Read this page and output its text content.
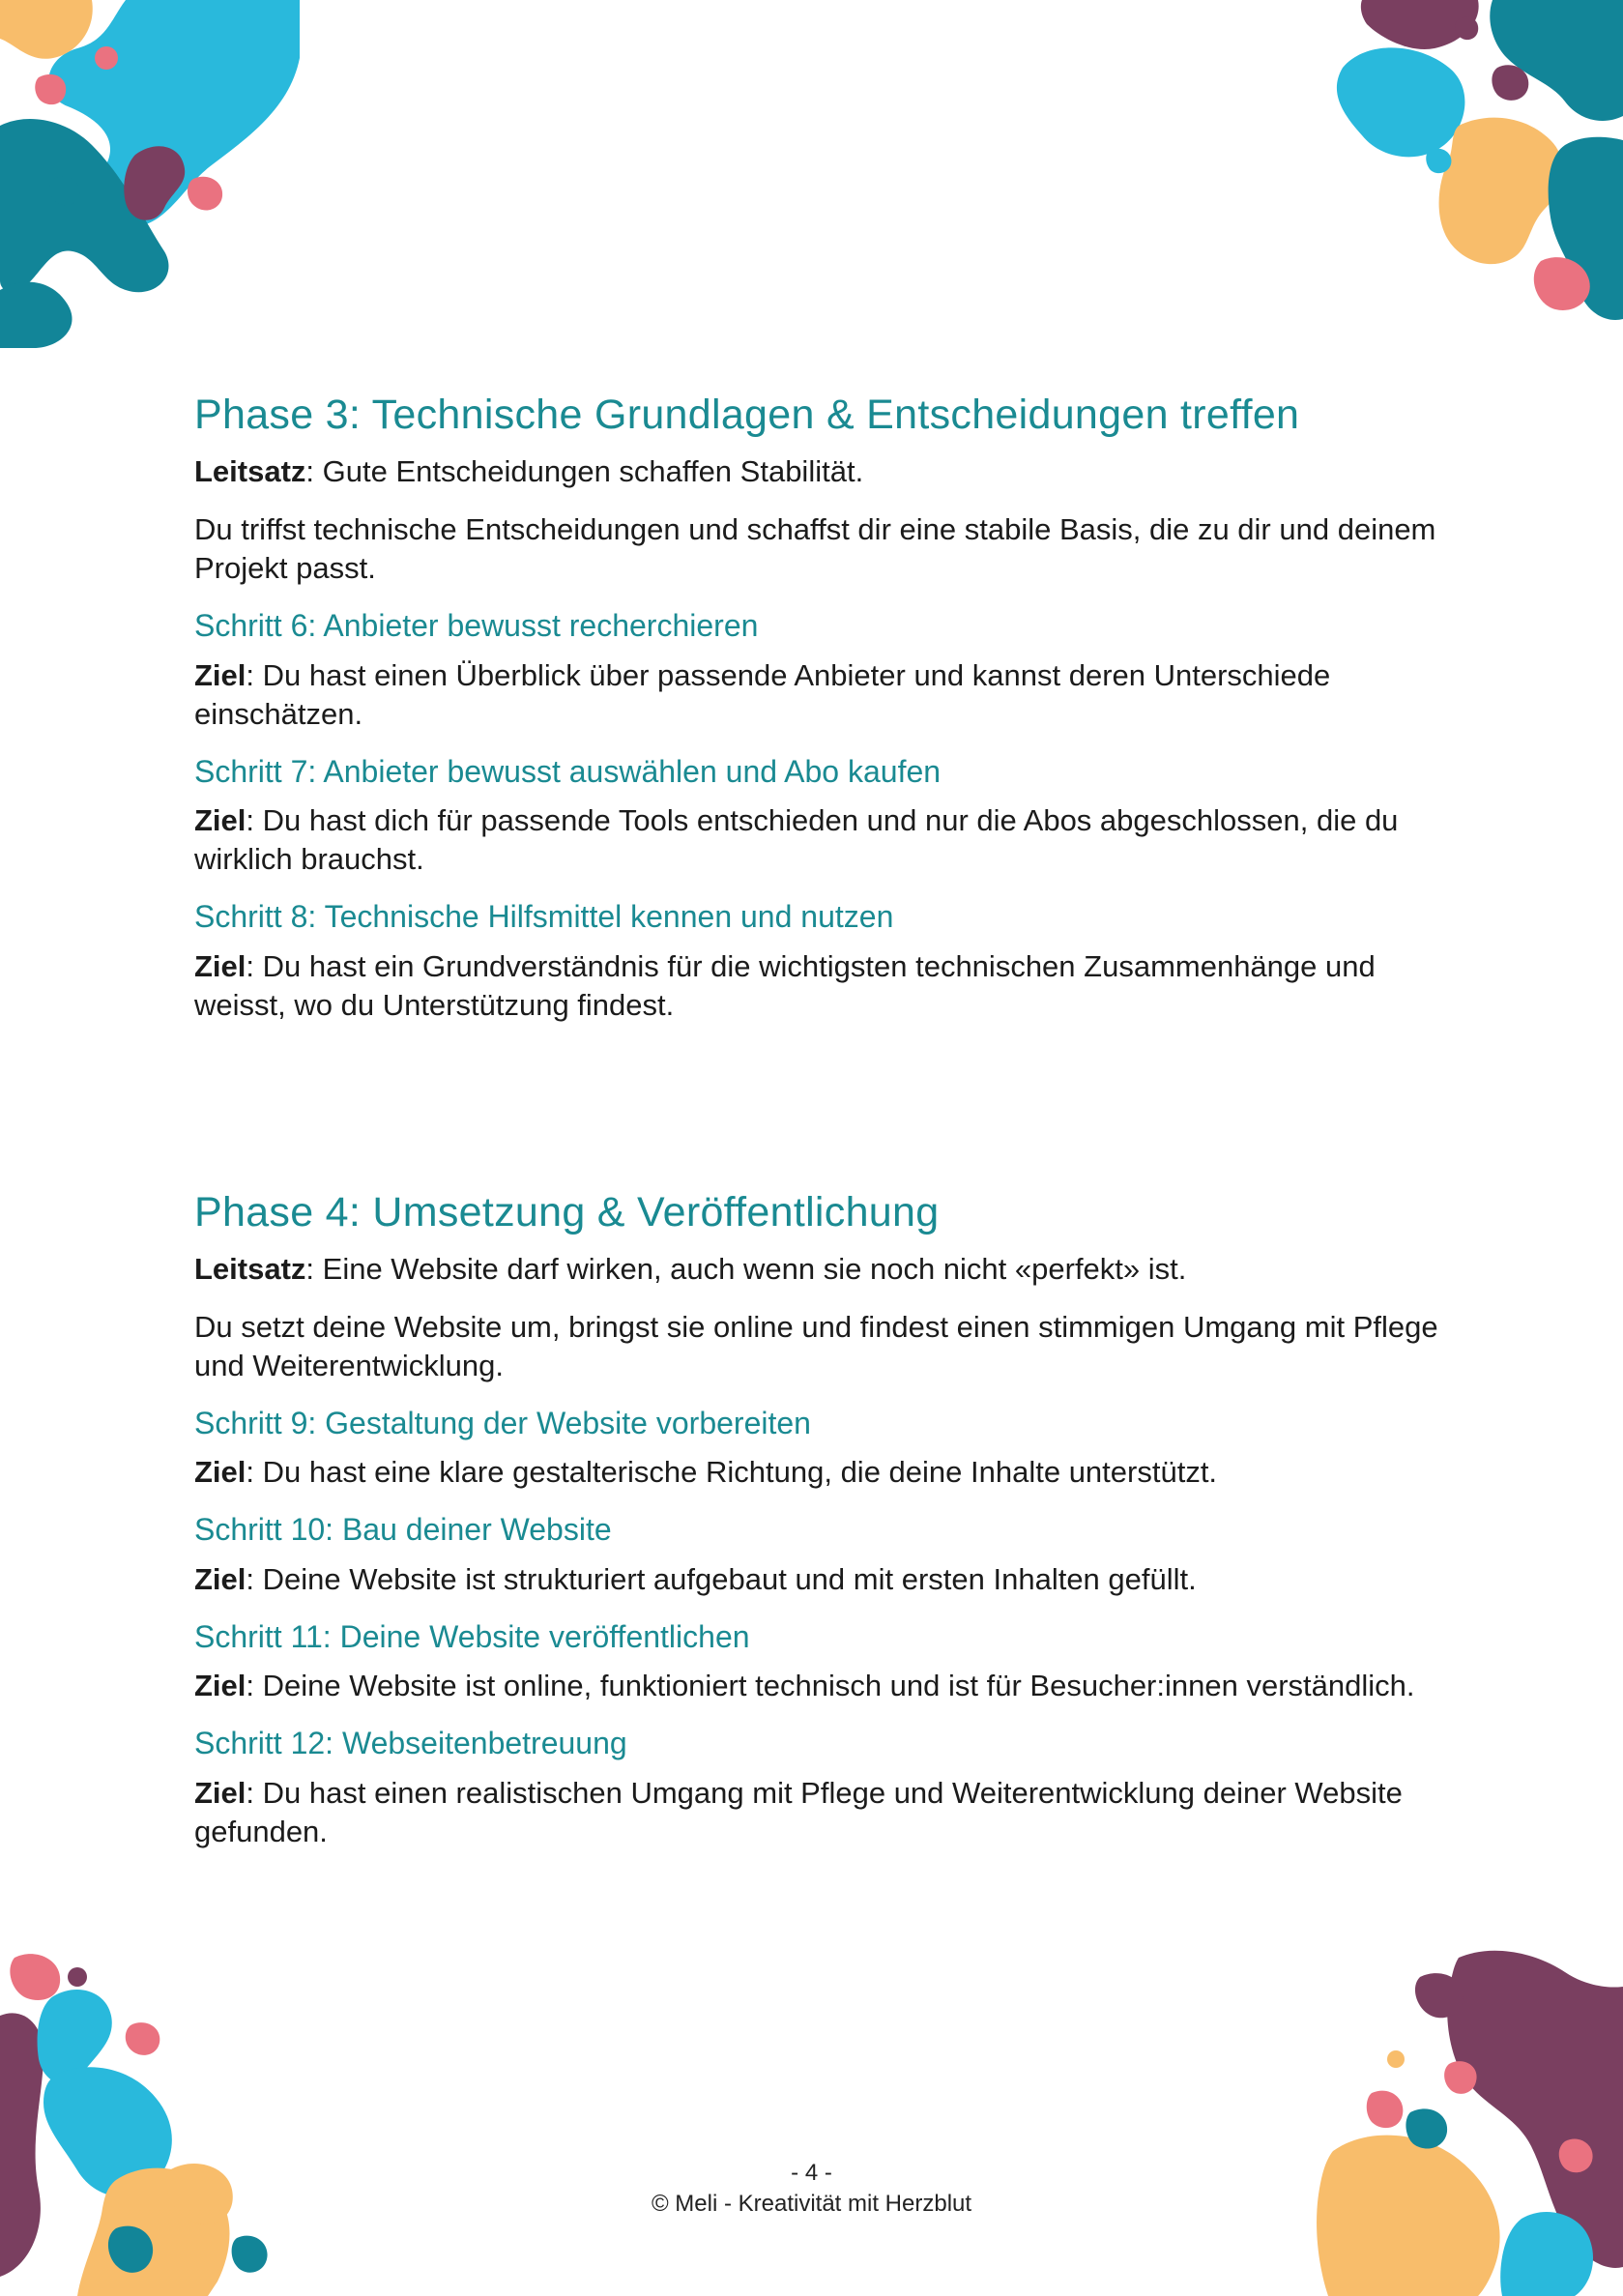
Phase 3: Technische Grundlagen & Entscheidungen treffen

Leitsatz: Gute Entscheidungen schaffen Stabilität.

Du triffst technische Entscheidungen und schaffst dir eine stabile Basis, die zu dir und deinem Projekt passt.

Schritt 6: Anbieter bewusst recherchieren

Ziel: Du hast einen Überblick über passende Anbieter und kannst deren Unterschiede einschätzen.

Schritt 7: Anbieter bewusst auswählen und Abo kaufen

Ziel: Du hast dich für passende Tools entschieden und nur die Abos abgeschlossen, die du wirklich brauchst.

Schritt 8: Technische Hilfsmittel kennen und nutzen

Ziel: Du hast ein Grundverständnis für die wichtigsten technischen Zusammenhänge und weisst, wo du Unterstützung findest.

Phase 4: Umsetzung & Veröffentlichung

Leitsatz: Eine Website darf wirken, auch wenn sie noch nicht «perfekt» ist.

Du setzt deine Website um, bringst sie online und findest einen stimmigen Umgang mit Pflege und Weiterentwicklung.

Schritt 9: Gestaltung der Website vorbereiten

Ziel: Du hast eine klare gestalterische Richtung, die deine Inhalte unterstützt.

Schritt 10: Bau deiner Website

Ziel: Deine Website ist strukturiert aufgebaut und mit ersten Inhalten gefüllt.

Schritt 11: Deine Website veröffentlichen

Ziel: Deine Website ist online, funktioniert technisch und ist für Besucher:innen verständlich.

Schritt 12: Webseitenbetreuung

Ziel: Du hast einen realistischen Umgang mit Pflege und Weiterentwicklung deiner Website gefunden.

- 4 -
© Meli - Kreativität mit Herzblut
